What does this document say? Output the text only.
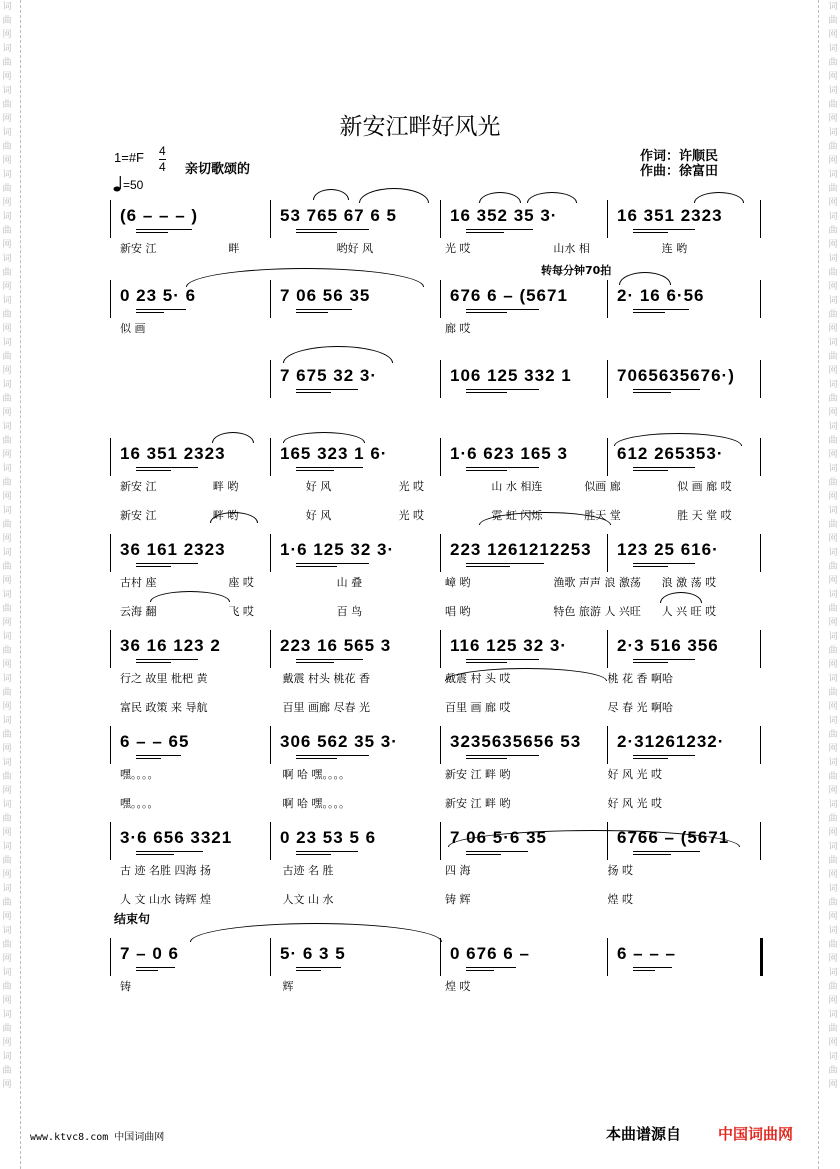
词
曲
网
词
曲
网
词
曲
网
词
曲
网
词
曲
网
词
曲
网
词
曲
网
词
曲
网
词
曲
网
词
曲
网
词
曲
网
词
曲
网
词
曲
网
词
曲
网
词
曲
网
词
曲
网
词
曲
网
词
曲
网
词
曲
网
词
曲
网
词
曲
网
词
曲
网
词
曲
网
词
曲
网
词
曲
网
词
曲
网
词
曲
网
词
曲
网
词
曲
网
词
曲
网
词
曲
网
词
曲
网
词
曲
网
词
曲
网
词
曲
网
词
曲
网
词
曲
网
词
曲
网
词
曲
网
词
曲
网
词
曲
网
词
曲
网
词
曲
网
词
曲
网
词
曲
网
词
曲
网
词
曲
网
词
曲
网
词
曲
网
词
曲
网
词
曲
网
词
曲
网
新安江畔好风光
1=#F $\frac{4}{4}$
=50
亲切歌颂的
作词：许顺民
作曲：徐富田
转每分钟70拍
结束句
(6 – – – )	53 765 67 6 5	16 352 35 3·	16 351 2323
新安 江	畔	哟好 风	光 哎	山水 相	连 哟
0 23 5· 6	7 06 56 35	676 6 – (5671	2· 16 6·56
似 画	廊 哎
7 675 32 3·	106 125 332 1	7065635676·)
16 351 2323	165 323 1 6·	1·6 623 165 3	612 265353·
新安 江	畔 哟	好 风	光 哎	山 水 相连	似画 廊	似 画 廊 哎
新安 江	畔 哟	好 风	光 哎	霓 虹 闪烁	胜天 堂	胜 天 堂 哎
36 161 2323	1·6 125 32 3·	223 1261212253 123 25 616·
古村 座	座 哎	山 叠	嶂 哟	渔歌 声声 浪 激荡 浪 激 荡 哎
云海 翻	飞 哎	百 鸟	唱 哟	特色 旅游 人 兴旺 人 兴 旺 哎
36 16 123 2	223 16 565 3	116 125 32 3·	2·3 516 356
行之 故里 枇杷 黄	戴震 村头 桃花 香	戴震 村 头 哎	桃 花 香 啊哈
富民 政策 来 导航	百里 画廊 尽春 光	百里 画 廊 哎	尽 春 光 啊哈
6 – – 65	306 562 35 3·	3235635656 53 2·31261232·
嘿。。。。	啊 哈 嘿。。。。	新安 江 畔 哟	好 风 光 哎
嘿。。。。	啊 哈 嘿。。。。	新安 江 畔 哟	好 风 光 哎
3·6 656 3321	0 23 53 5 6	7 06 5·6 35	6766 – (5671
古 迹 名胜 四海 扬	古迹 名 胜	四 海	扬 哎
人 文 山水 铸辉 煌	人文 山 水	铸 辉	煌 哎
7 – 0 6	5· 6 3 5	0 676 6 –	6 – – –
铸	辉	煌 哎
www.ktvc8.com 中国词曲网	本曲谱源自 中国词曲网
